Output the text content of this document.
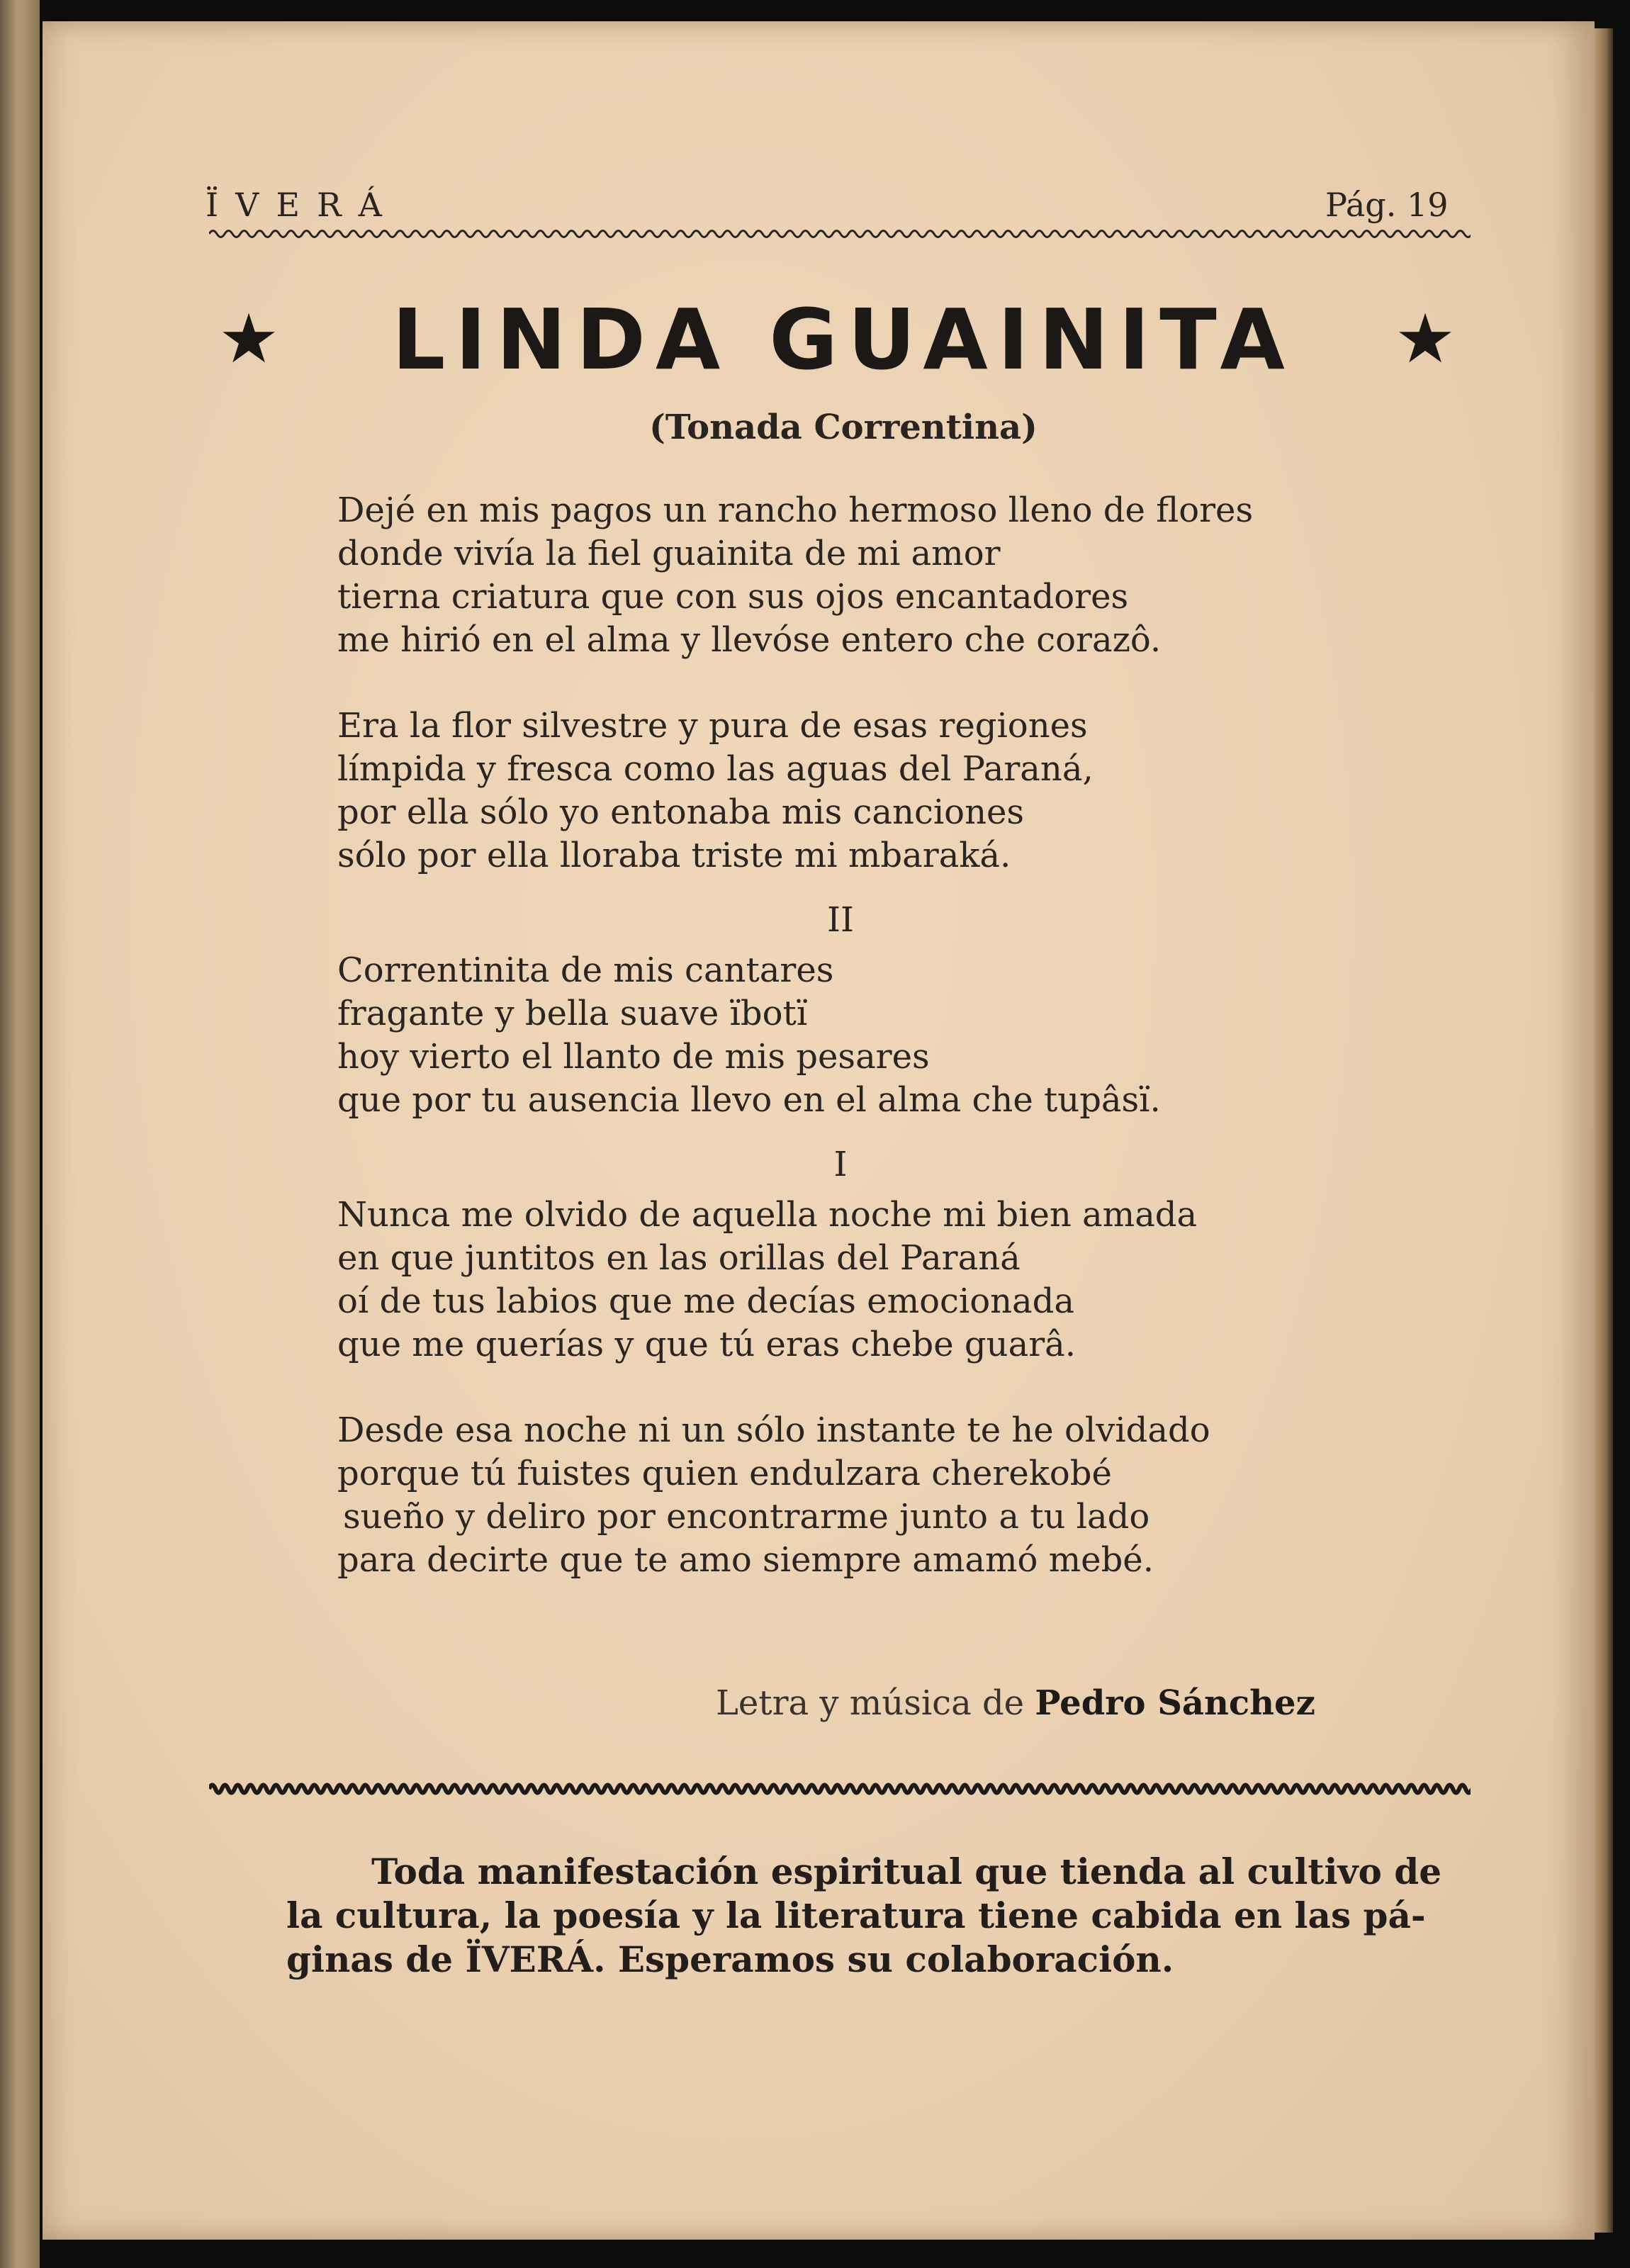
ÏVERÁ	Pág. 19
★ LINDA GUAINITA	★
(Tonada Correntina)
Dejé en mis pagos un rancho hermoso lleno de flores
donde vivía la fiel guainita de mi amor
tierna criatura que con sus ojos encantadores
me hirió en el alma y llevóse entero che corazô.
Era la flor silvestre y pura de esas regiones
límpida y fresca como las aguas del Paraná,
por ella sólo yo entonaba mis canciones
sólo por ella lloraba triste mi mbaraká.
II
Correntinita de mis cantares
fragante y bella suave ïbotï
hoy vierto el llanto de mis pesares
que por tu ausencia llevo en el alma che tupâsï.
I
Nunca me olvido de aquella noche mi bien amada
en que juntitos en las orillas del Paraná
oí de tus labios que me decías emocionada
que me querías y que tú eras chebe guarâ.
Desde esa noche ni un sólo instante te he olvidado
porque tú fuistes quien endulzara cherekobé
sueño y deliro por encontrarme junto a tu lado
para decirte que te amo siempre amamó mebé.
Letra y música de Pedro Sánchez
Toda manifestación espiritual que tienda al cultivo de
la cultura, la poesía y la literatura tiene cabida en las pá-
ginas de ÏVERÁ. Esperamos su colaboración.
